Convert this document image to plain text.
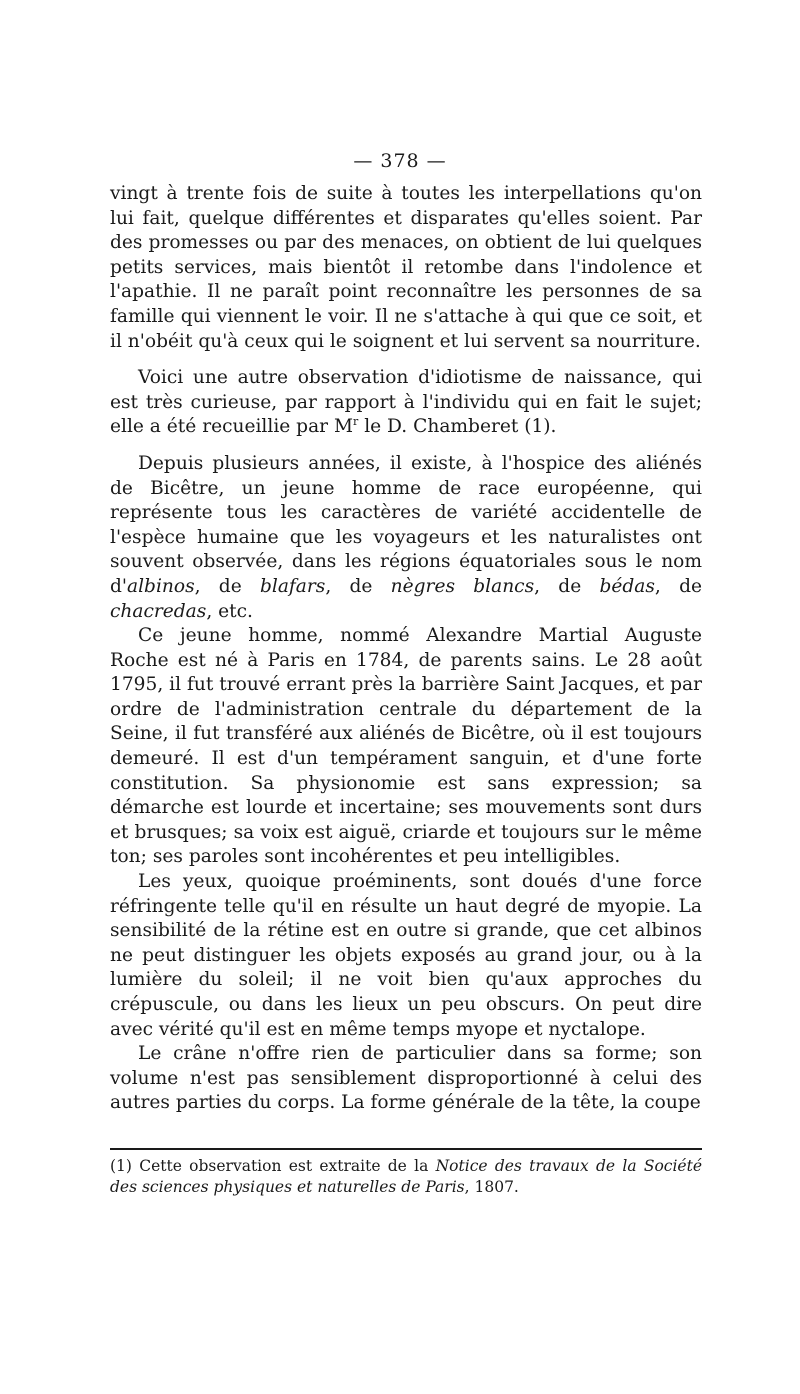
— 378 —

vingt à trente fois de suite à toutes les interpellations qu'on lui fait, quelque différentes et disparates qu'elles soient. Par des promesses ou par des menaces, on obtient de lui quelques petits services, mais bientôt il retombe dans l'indolence et l'apathie. Il ne paraît point reconnaître les personnes de sa famille qui viennent le voir. Il ne s'attache à qui que ce soit, et il n'obéit qu'à ceux qui le soignent et lui servent sa nourriture.

Voici une autre observation d'idiotisme de naissance, qui est très curieuse, par rapport à l'individu qui en fait le sujet; elle a été recueillie par $M^r$ le D. Chamberet (1).

Depuis plusieurs années, il existe, à l'hospice des aliénés de Bicêtre, un jeune homme de race européenne, qui représente tous les caractères de variété accidentelle de l'espèce humaine que les voyageurs et les naturalistes ont souvent observée, dans les régions équatoriales sous le nom d'albinos, de blafars, de nègres blancs, de bédas, de chacredas, etc.

Ce jeune homme, nommé Alexandre Martial Auguste Roche est né à Paris en 1784, de parents sains. Le 28 août 1795, il fut trouvé errant près la barrière Saint Jacques, et par ordre de l'administration centrale du département de la Seine, il fut transféré aux aliénés de Bicêtre, où il est toujours demeuré. Il est d'un tempérament sanguin, et d'une forte constitution. Sa physionomie est sans expression; sa démarche est lourde et incertaine; ses mouvements sont durs et brusques; sa voix est aiguë, criarde et toujours sur le même ton; ses paroles sont incohérentes et peu intelligibles.

Les yeux, quoique proéminents, sont doués d'une force réfringente telle qu'il en résulte un haut degré de myopie. La sensibilité de la rétine est en outre si grande, que cet albinos ne peut distinguer les objets exposés au grand jour, ou à la lumière du soleil; il ne voit bien qu'aux approches du crépuscule, ou dans les lieux un peu obscurs. On peut dire avec vérité qu'il est en même temps myope et nyctalope.

Le crâne n'offre rien de particulier dans sa forme; son volume n'est pas sensiblement disproportionné à celui des autres parties du corps. La forme générale de la tête, la coupe

(1) Cette observation est extraite de la Notice des travaux de la Société des sciences physiques et naturelles de Paris, 1807.
